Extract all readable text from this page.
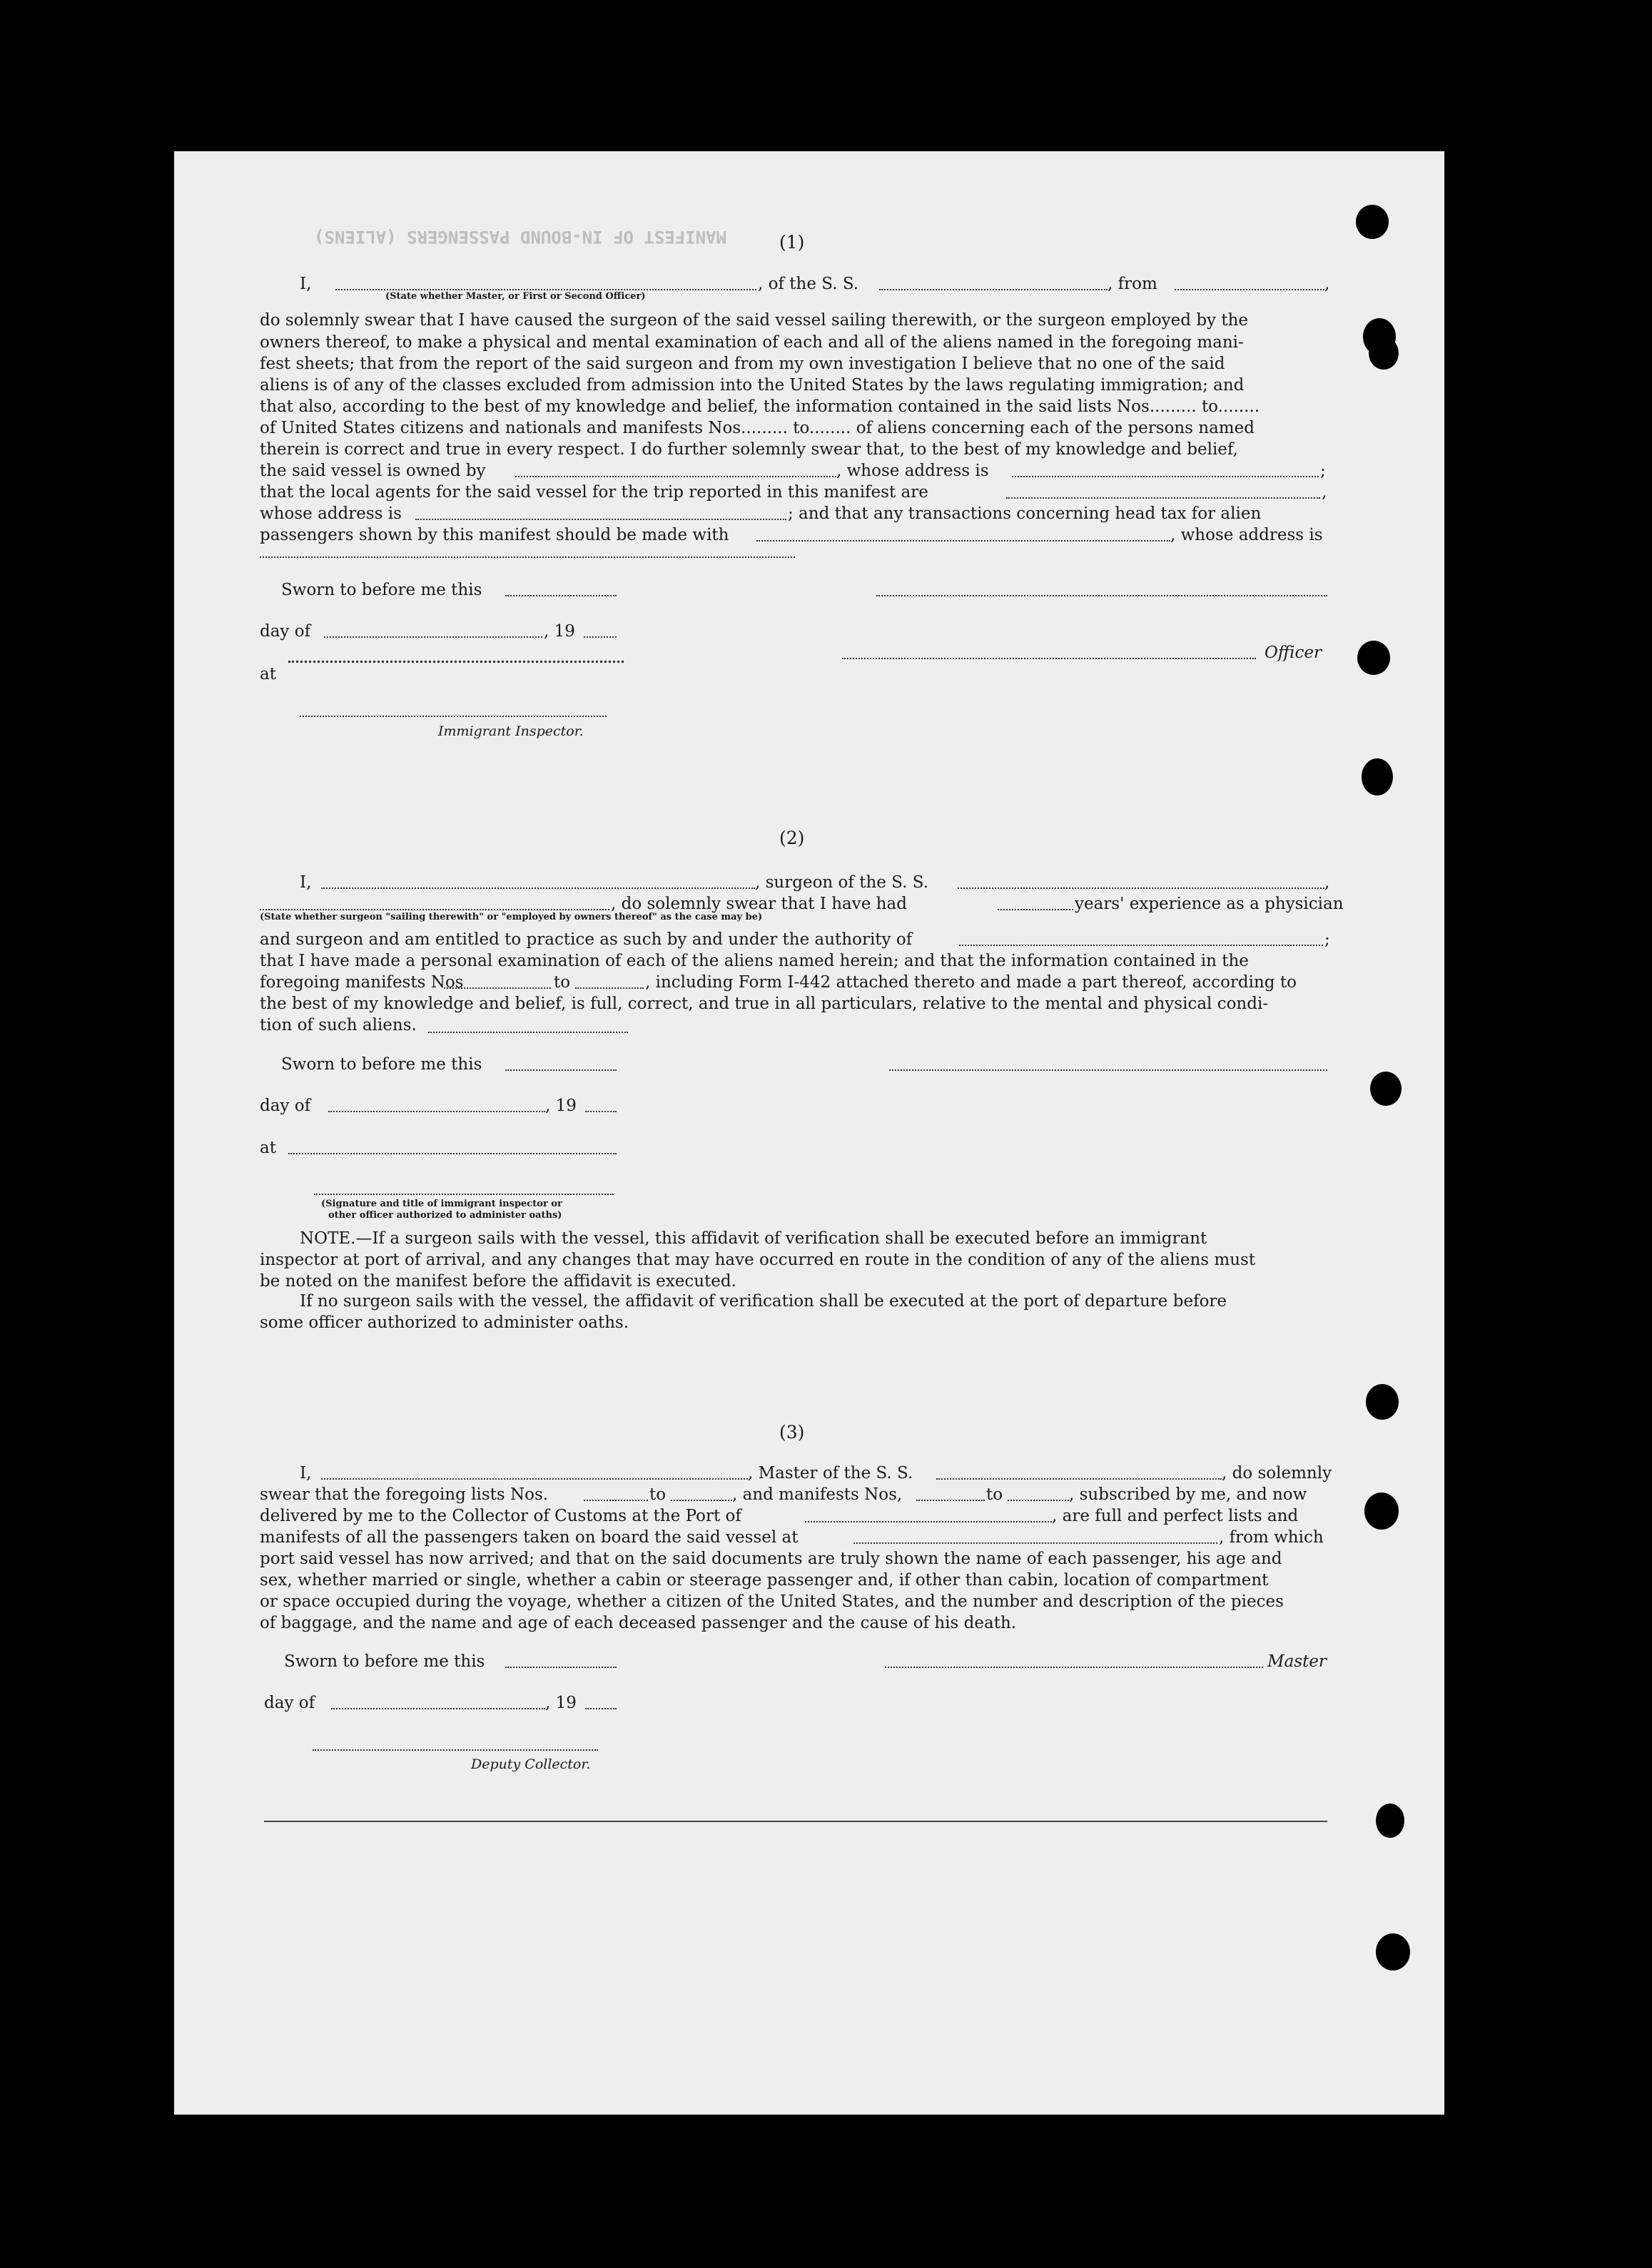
MANIFEST OF IN-BOUND PASSENGERS (ALIENS)	(1)
I,	, of the S. S.	, from	,
(State whether Master, or First or Second Officer)
do solemnly swear that I have caused the surgeon of the said vessel sailing therewith, or the surgeon employed by the
owners thereof, to make a physical and mental examination of each and all of the aliens named in the foregoing mani-
fest sheets; that from the report of the said surgeon and from my own investigation I believe that no one of the said
aliens is of any of the classes excluded from admission into the United States by the laws regulating immigration; and
that also, according to the best of my knowledge and belief, the information contained in the said lists Nos......... to........
of United States citizens and nationals and manifests Nos......... to........ of aliens concerning each of the persons named
therein is correct and true in every respect. I do further solemnly swear that, to the best of my knowledge and belief,
the said vessel is owned by	, whose address is	;
that the local agents for the said vessel for the trip reported in this manifest are	,
whose address is	; and that any transactions concerning head tax for alien
passengers shown by this manifest should be made with	, whose address is
Sworn to before me this
day of	, 19
Officer
at
Immigrant Inspector.
(2)
I,	, surgeon of the S. S.	,
, do solemnly swear that I have had	years' experience as a physician
(State whether surgeon "sailing therewith" or "employed by owners thereof" as the case may be)
and surgeon and am entitled to practice as such by and under the authority of	;
that I have made a personal examination of each of the aliens named herein; and that the information contained in the
foregoing manifests Nos	to	, including Form I-442 attached thereto and made a part thereof, according to
the best of my knowledge and belief, is full, correct, and true in all particulars, relative to the mental and physical condi-
tion of such aliens.
Sworn to before me this
day of	, 19
at
(Signature and title of immigrant inspector or
other officer authorized to administer oaths)
NOTE.—If a surgeon sails with the vessel, this affidavit of verification shall be executed before an immigrant
inspector at port of arrival, and any changes that may have occurred en route in the condition of any of the aliens must
be noted on the manifest before the affidavit is executed.
If no surgeon sails with the vessel, the affidavit of verification shall be executed at the port of departure before
some officer authorized to administer oaths.
(3)
I,	, Master of the S. S.	, do solemnly
swear that the foregoing lists Nos.	to	, and manifests Nos,	to	, subscribed by me, and now
delivered by me to the Collector of Customs at the Port of	, are full and perfect lists and
manifests of all the passengers taken on board the said vessel at	, from which
port said vessel has now arrived; and that on the said documents are truly shown the name of each passenger, his age and
sex, whether married or single, whether a cabin or steerage passenger and, if other than cabin, location of compartment
or space occupied during the voyage, whether a citizen of the United States, and the number and description of the pieces
of baggage, and the name and age of each deceased passenger and the cause of his death.
Sworn to before me this	Master
day of	, 19
Deputy Collector.
